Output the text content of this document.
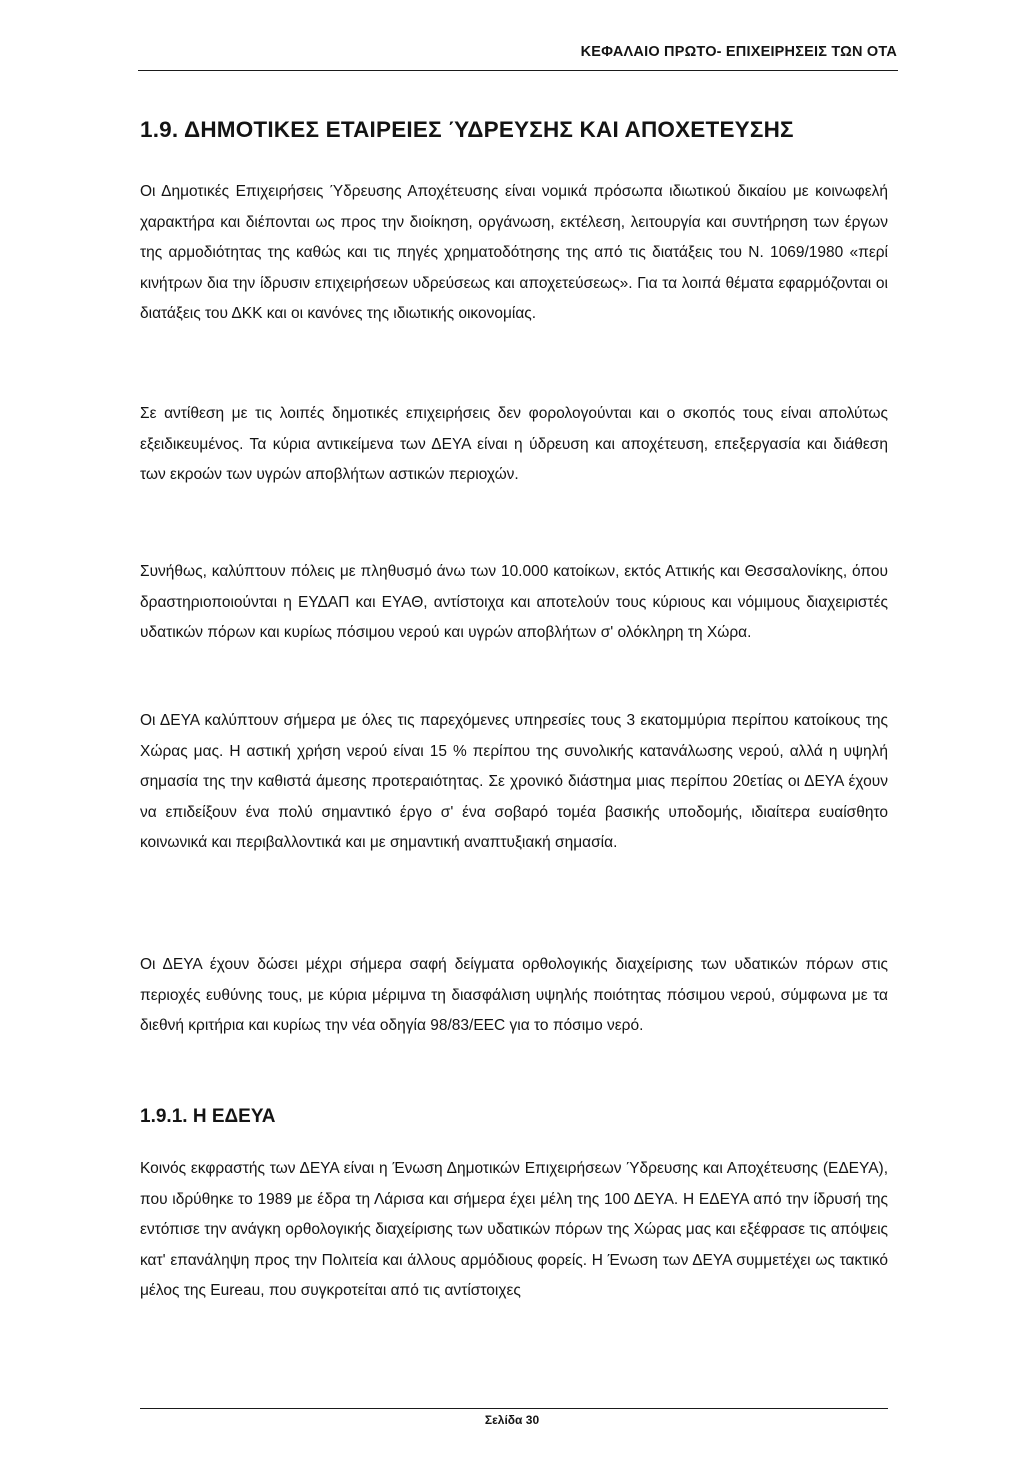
ΚΕΦΑΛΑΙΟ ΠΡΩΤΟ- ΕΠΙΧΕΙΡΗΣΕΙΣ ΤΩΝ ΟΤΑ
1.9. ΔΗΜΟΤΙΚΕΣ ΕΤΑΙΡΕΙΕΣ ΎΔΡΕΥΣΗΣ ΚΑΙ ΑΠΟΧΕΤΕΥΣΗΣ

Οι Δημοτικές Επιχειρήσεις Ύδρευσης Αποχέτευσης είναι νομικά πρόσωπα ιδιωτικού δικαίου με κοινωφελή χαρακτήρα και διέπονται ως προς την διοίκηση, οργάνωση, εκτέλεση, λειτουργία και συντήρηση των έργων της αρμοδιότητας της καθώς και τις πηγές χρηματοδότησης της από τις διατάξεις του Ν. 1069/1980 «περί κινήτρων δια την ίδρυσιν επιχειρήσεων υδρεύσεως και αποχετεύσεως». Για τα λοιπά θέματα εφαρμόζονται οι διατάξεις του ΔΚΚ και οι κανόνες της ιδιωτικής οικονομίας.

Σε αντίθεση με τις λοιπές δημοτικές επιχειρήσεις δεν φορολογούνται και ο σκοπός τους είναι απολύτως εξειδικευμένος. Τα κύρια αντικείμενα των ΔΕΥΑ είναι η ύδρευση και αποχέτευση, επεξεργασία και διάθεση των εκροών των υγρών αποβλήτων αστικών περιοχών.

Συνήθως, καλύπτουν πόλεις με πληθυσμό άνω των 10.000 κατοίκων, εκτός Αττικής και Θεσσαλονίκης, όπου δραστηριοποιούνται η ΕΥΔΑΠ και ΕΥΑΘ, αντίστοιχα και αποτελούν τους κύριους και νόμιμους διαχειριστές υδατικών πόρων και κυρίως πόσιμου νερού και υγρών αποβλήτων σ' ολόκληρη τη Χώρα.

Οι ΔΕΥΑ καλύπτουν σήμερα με όλες τις παρεχόμενες υπηρεσίες τους 3 εκατομμύρια περίπου κατοίκους της Χώρας μας. Η αστική χρήση νερού είναι 15 % περίπου της συνολικής κατανάλωσης νερού, αλλά η υψηλή σημασία της την καθιστά άμεσης προτεραιότητας. Σε χρονικό διάστημα μιας περίπου 20ετίας οι ΔΕΥΑ έχουν να επιδείξουν ένα πολύ σημαντικό έργο σ' ένα σοβαρό τομέα βασικής υποδομής, ιδιαίτερα ευαίσθητο κοινωνικά και περιβαλλοντικά και με σημαντική αναπτυξιακή σημασία.

Οι ΔΕΥΑ έχουν δώσει μέχρι σήμερα σαφή δείγματα ορθολογικής διαχείρισης των υδατικών πόρων στις περιοχές ευθύνης τους, με κύρια μέριμνα τη διασφάλιση υψηλής ποιότητας πόσιμου νερού, σύμφωνα με τα διεθνή κριτήρια και κυρίως την νέα οδηγία 98/83/ΕΕC για το πόσιμο νερό.

1.9.1. Η ΕΔΕΥΑ

Κοινός εκφραστής των ΔΕΥΑ είναι η Ένωση Δημοτικών Επιχειρήσεων Ύδρευσης και Αποχέτευσης (ΕΔΕΥΑ), που ιδρύθηκε το 1989 με έδρα τη Λάρισα και σήμερα έχει μέλη της 100 ΔΕΥΑ. Η ΕΔΕΥΑ από την ίδρυσή της εντόπισε την ανάγκη ορθολογικής διαχείρισης των υδατικών πόρων της Χώρας μας και εξέφρασε τις απόψεις κατ' επανάληψη προς την Πολιτεία και άλλους αρμόδιους φορείς. Η Ένωση των ΔΕΥΑ συμμετέχει ως τακτικό μέλος της Eureau, που συγκροτείται από τις αντίστοιχες

Σελίδα 30
